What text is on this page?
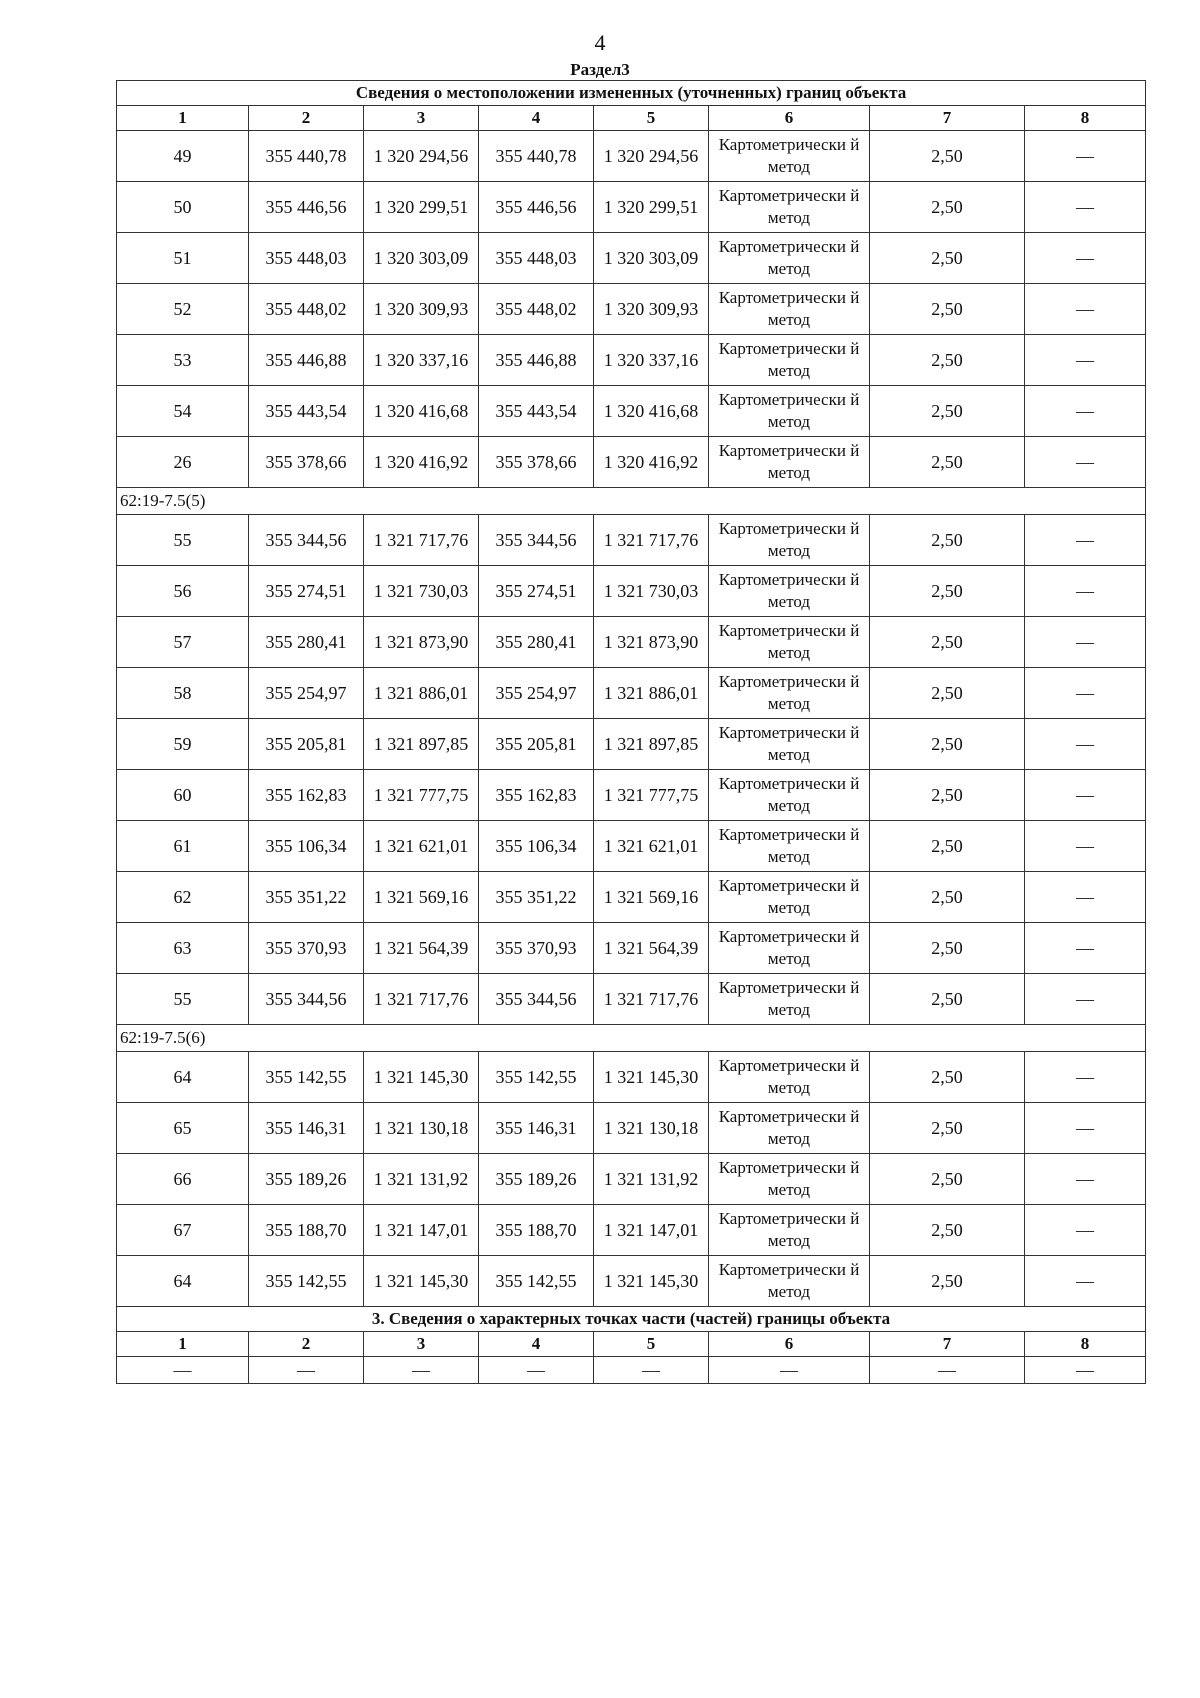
4
Раздел3
Сведения о местоположении измененных (уточненных) границ объекта							
1	2	3	4	5	6	7	8
49	355 440,78	1 320 294,56	355 440,78	1 320 294,56	Картометрически й метод	2,50	—
50	355 446,56	1 320 299,51	355 446,56	1 320 299,51	Картометрически й метод	2,50	—
51	355 448,03	1 320 303,09	355 448,03	1 320 303,09	Картометрически й метод	2,50	—
52	355 448,02	1 320 309,93	355 448,02	1 320 309,93	Картометрически й метод	2,50	—
53	355 446,88	1 320 337,16	355 446,88	1 320 337,16	Картометрически й метод	2,50	—
54	355 443,54	1 320 416,68	355 443,54	1 320 416,68	Картометрически й метод	2,50	—
26	355 378,66	1 320 416,92	355 378,66	1 320 416,92	Картометрически й метод	2,50	—
62:19-7.5(5)							
55	355 344,56	1 321 717,76	355 344,56	1 321 717,76	Картометрически й метод	2,50	—
56	355 274,51	1 321 730,03	355 274,51	1 321 730,03	Картометрически й метод	2,50	—
57	355 280,41	1 321 873,90	355 280,41	1 321 873,90	Картометрически й метод	2,50	—
58	355 254,97	1 321 886,01	355 254,97	1 321 886,01	Картометрически й метод	2,50	—
59	355 205,81	1 321 897,85	355 205,81	1 321 897,85	Картометрически й метод	2,50	—
60	355 162,83	1 321 777,75	355 162,83	1 321 777,75	Картометрически й метод	2,50	—
61	355 106,34	1 321 621,01	355 106,34	1 321 621,01	Картометрически й метод	2,50	—
62	355 351,22	1 321 569,16	355 351,22	1 321 569,16	Картометрически й метод	2,50	—
63	355 370,93	1 321 564,39	355 370,93	1 321 564,39	Картометрически й метод	2,50	—
55	355 344,56	1 321 717,76	355 344,56	1 321 717,76	Картометрически й метод	2,50	—
62:19-7.5(6)							
64	355 142,55	1 321 145,30	355 142,55	1 321 145,30	Картометрически й метод	2,50	—
65	355 146,31	1 321 130,18	355 146,31	1 321 130,18	Картометрически й метод	2,50	—
66	355 189,26	1 321 131,92	355 189,26	1 321 131,92	Картометрически й метод	2,50	—
67	355 188,70	1 321 147,01	355 188,70	1 321 147,01	Картометрически й метод	2,50	—
64	355 142,55	1 321 145,30	355 142,55	1 321 145,30	Картометрически й метод	2,50	—
3. Сведения о характерных точках части (частей) границы объекта							
1	2	3	4	5	6	7	8
—	—	—	—	—	—	—	—
